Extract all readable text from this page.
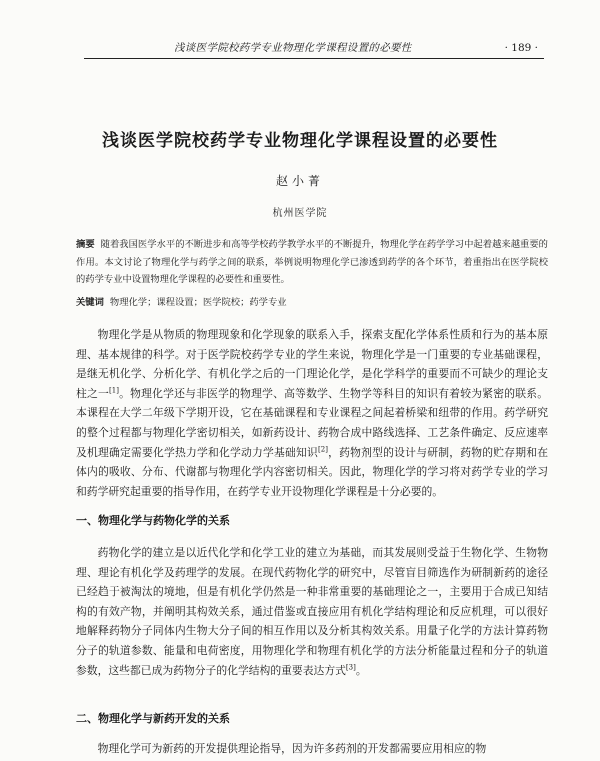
浅谈医学院校药学专业物理化学课程设置的必要性	· 189 ·
浅谈医学院校药学专业物理化学课程设置的必要性
赵小菁
杭州医学院
摘要 随着我国医学水平的不断进步和高等学校药学教学水平的不断提升，物理化学在药学学习中起着越来越重要的作用。本文讨论了物理化学与药学之间的联系，举例说明物理化学已渗透到药学的各个环节，着重指出在医学院校的药学专业中设置物理化学课程的必要性和重要性。
关键词 物理化学；课程设置；医学院校；药学专业

物理化学是从物质的物理现象和化学现象的联系入手，探索支配化学体系性质和行为的基本原理、基本规律的科学。对于医学院校药学专业的学生来说，物理化学是一门重要的专业基础课程，是继无机化学、分析化学、有机化学之后的一门理论化学，是化学科学的重要而不可缺少的理论支柱之一[1]。物理化学还与非医学的物理学、高等数学、生物学等科目的知识有着较为紧密的联系。本课程在大学二年级下学期开设，它在基础课程和专业课程之间起着桥梁和纽带的作用。药学研究的整个过程都与物理化学密切相关，如新药设计、药物合成中路线选择、工艺条件确定、反应速率及机理确定需要化学热力学和化学动力学基础知识[2]，药物剂型的设计与研制，药物的贮存期和在体内的吸收、分布、代谢都与物理化学内容密切相关。因此，物理化学的学习将对药学专业的学习和药学研究起重要的指导作用，在药学专业开设物理化学课程是十分必要的。

一、物理化学与药物化学的关系

药物化学的建立是以近代化学和化学工业的建立为基础，而其发展则受益于生物化学、生物物理、理论有机化学及药理学的发展。在现代药物化学的研究中，尽管盲目筛选作为研制新药的途径已经趋于被淘汰的境地，但是有机化学仍然是一种非常重要的基础理论之一，主要用于合成已知结构的有效产物，并阐明其构效关系，通过借鉴或直接应用有机化学结构理论和反应机理，可以很好地解释药物分子同体内生物大分子间的相互作用以及分析其构效关系。用量子化学的方法计算药物分子的轨道参数、能量和电荷密度，用物理化学和物理有机化学的方法分析能量过程和分子的轨道参数，这些都已成为药物分子的化学结构的重要表达方式[3]。

二、物理化学与新药开发的关系

物理化学可为新药的开发提供理论指导，因为许多药剂的开发都需要应用相应的物
